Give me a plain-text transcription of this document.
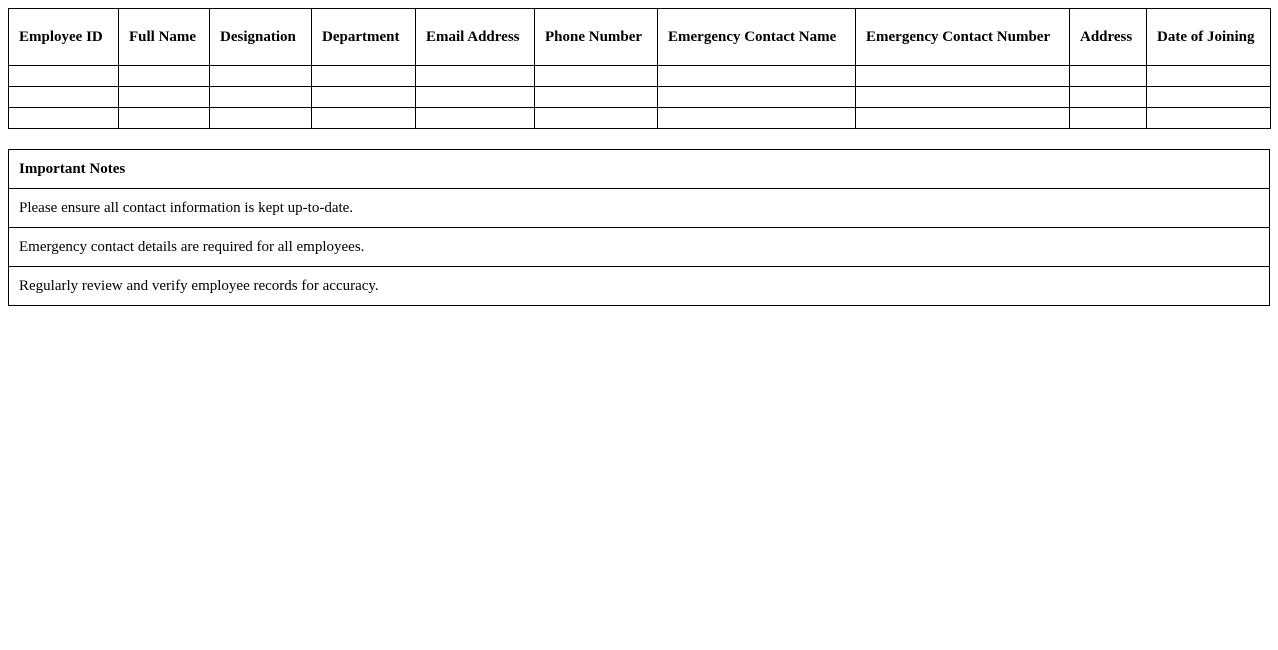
Employee ID	Full Name	Designation	Department	Email Address	Phone Number	Emergency Contact Name	Emergency Contact Number	Address	Date of Joining

Important Notes
Please ensure all contact information is kept up-to-date.
Emergency contact details are required for all employees.
Regularly review and verify employee records for accuracy.
